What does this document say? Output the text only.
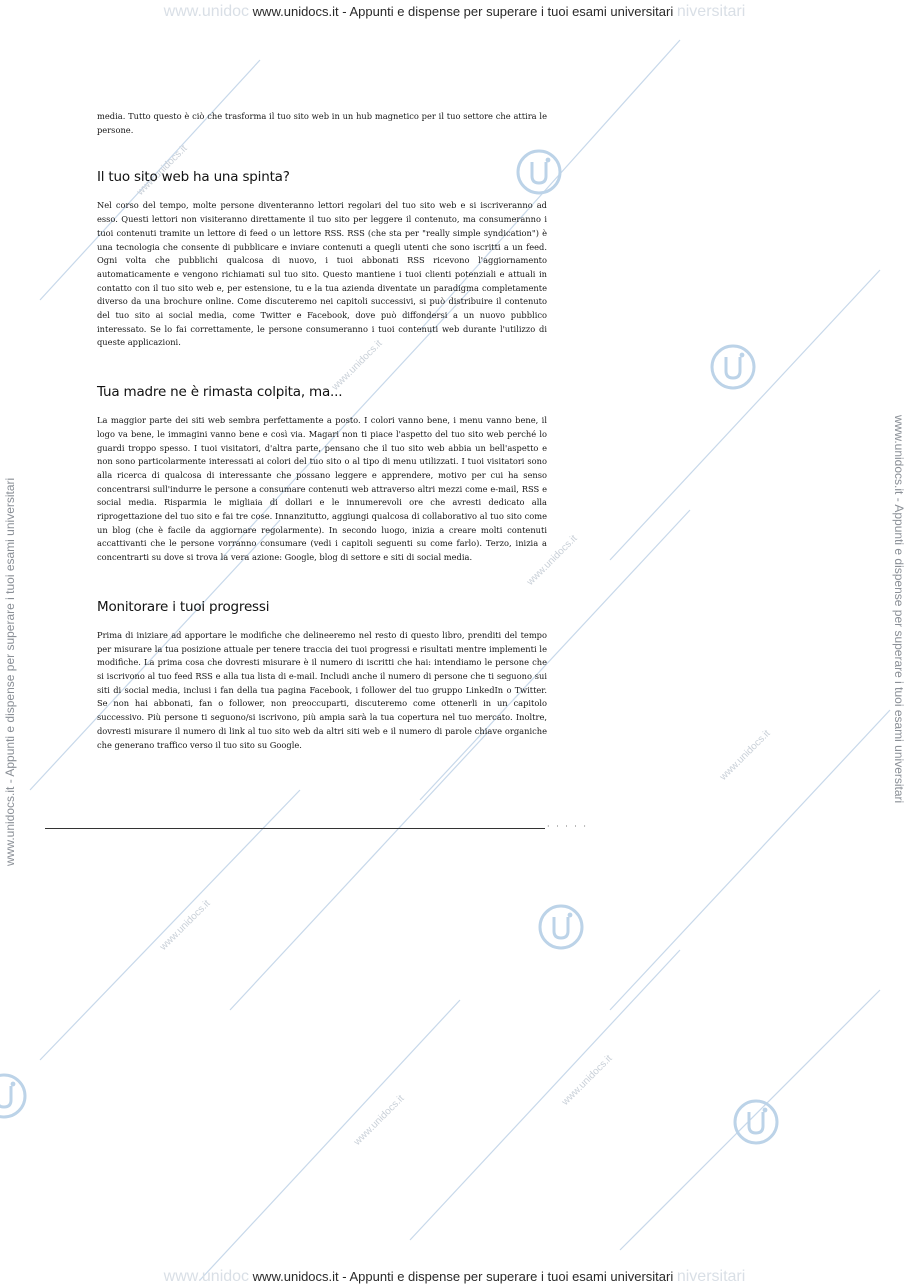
www.unidocs.it
www.unidocs.it
www.unidocs.it
www.unidocs.it
www.unidocs.it
www.unidocs.it
www.unidocs.it
www.unidoc www.unidocs.it - Appunti e dispense per superare i tuoi esami universitari niversitari
www.unidoc www.unidocs.it - Appunti e dispense per superare i tuoi esami universitari niversitari
www.unidocs.it - Appunti e dispense per superare i tuoi esami universitari	www.unidocs.it - Appunti e dispense per superare i tuoi esami universitari

media. Tutto questo è ciò che trasforma il tuo sito web in un hub magnetico per il tuo settore che attira le persone.

Il tuo sito web ha una spinta?

Nel corso del tempo, molte persone diventeranno lettori regolari del tuo sito web e si iscriveranno ad esso. Questi lettori non visiteranno direttamente il tuo sito per leggere il contenuto, ma consumeranno i tuoi contenuti tramite un lettore di feed o un lettore RSS. RSS (che sta per "really simple syndication") è una tecnologia che consente di pubblicare e inviare contenuti a quegli utenti che sono iscritti a un feed. Ogni volta che pubblichi qualcosa di nuovo, i tuoi abbonati RSS ricevono l'aggiornamento automaticamente e vengono richiamati sul tuo sito. Questo mantiene i tuoi clienti potenziali e attuali in contatto con il tuo sito web e, per estensione, tu e la tua azienda diventate un paradigma completamente diverso da una brochure online. Come discuteremo nei capitoli successivi, si può distribuire il contenuto del tuo sito ai social media, come Twitter e Facebook, dove può diffondersi a un nuovo pubblico interessato. Se lo fai correttamente, le persone consumeranno i tuoi contenuti web durante l'utilizzo di queste applicazioni.

Tua madre ne è rimasta colpita, ma...

La maggior parte dei siti web sembra perfettamente a posto. I colori vanno bene, i menu vanno bene, il logo va bene, le immagini vanno bene e così via. Magari non ti piace l'aspetto del tuo sito web perché lo guardi troppo spesso. I tuoi visitatori, d'altra parte, pensano che il tuo sito web abbia un bell'aspetto e non sono particolarmente interessati ai colori del tuo sito o al tipo di menu utilizzati. I tuoi visitatori sono alla ricerca di qualcosa di interessante che possano leggere e apprendere, motivo per cui ha senso concentrarsi sull'indurre le persone a consumare contenuti web attraverso altri mezzi come e-mail, RSS e social media. Risparmia le migliaia di dollari e le innumerevoli ore che avresti dedicato alla riprogettazione del tuo sito e fai tre cose. Innanzitutto, aggiungi qualcosa di collaborativo al tuo sito come un blog (che è facile da aggiornare regolarmente). In secondo luogo, inizia a creare molti contenuti accattivanti che le persone vorranno consumare (vedi i capitoli seguenti su come farlo). Terzo, inizia a concentrarti su dove si trova la vera azione: Google, blog di settore e siti di social media.

Monitorare i tuoi progressi

Prima di iniziare ad apportare le modifiche che delineeremo nel resto di questo libro, prenditi del tempo per misurare la tua posizione attuale per tenere traccia dei tuoi progressi e risultati mentre implementi le modifiche. La prima cosa che dovresti misurare è il numero di iscritti che hai: intendiamo le persone che si iscrivono al tuo feed RSS e alla tua lista di e-mail. Includi anche il numero di persone che ti seguono sui siti di social media, inclusi i fan della tua pagina Facebook, i follower del tuo gruppo LinkedIn o Twitter. Se non hai abbonati, fan o follower, non preoccuparti, discuteremo come ottenerli in un capitolo successivo. Più persone ti seguono/si iscrivono, più ampia sarà la tua copertura nel tuo mercato. Inoltre, dovresti misurare il numero di link al tuo sito web da altri siti web e il numero di parole chiave organiche che generano traffico verso il tuo sito su Google.

· · · · ·
